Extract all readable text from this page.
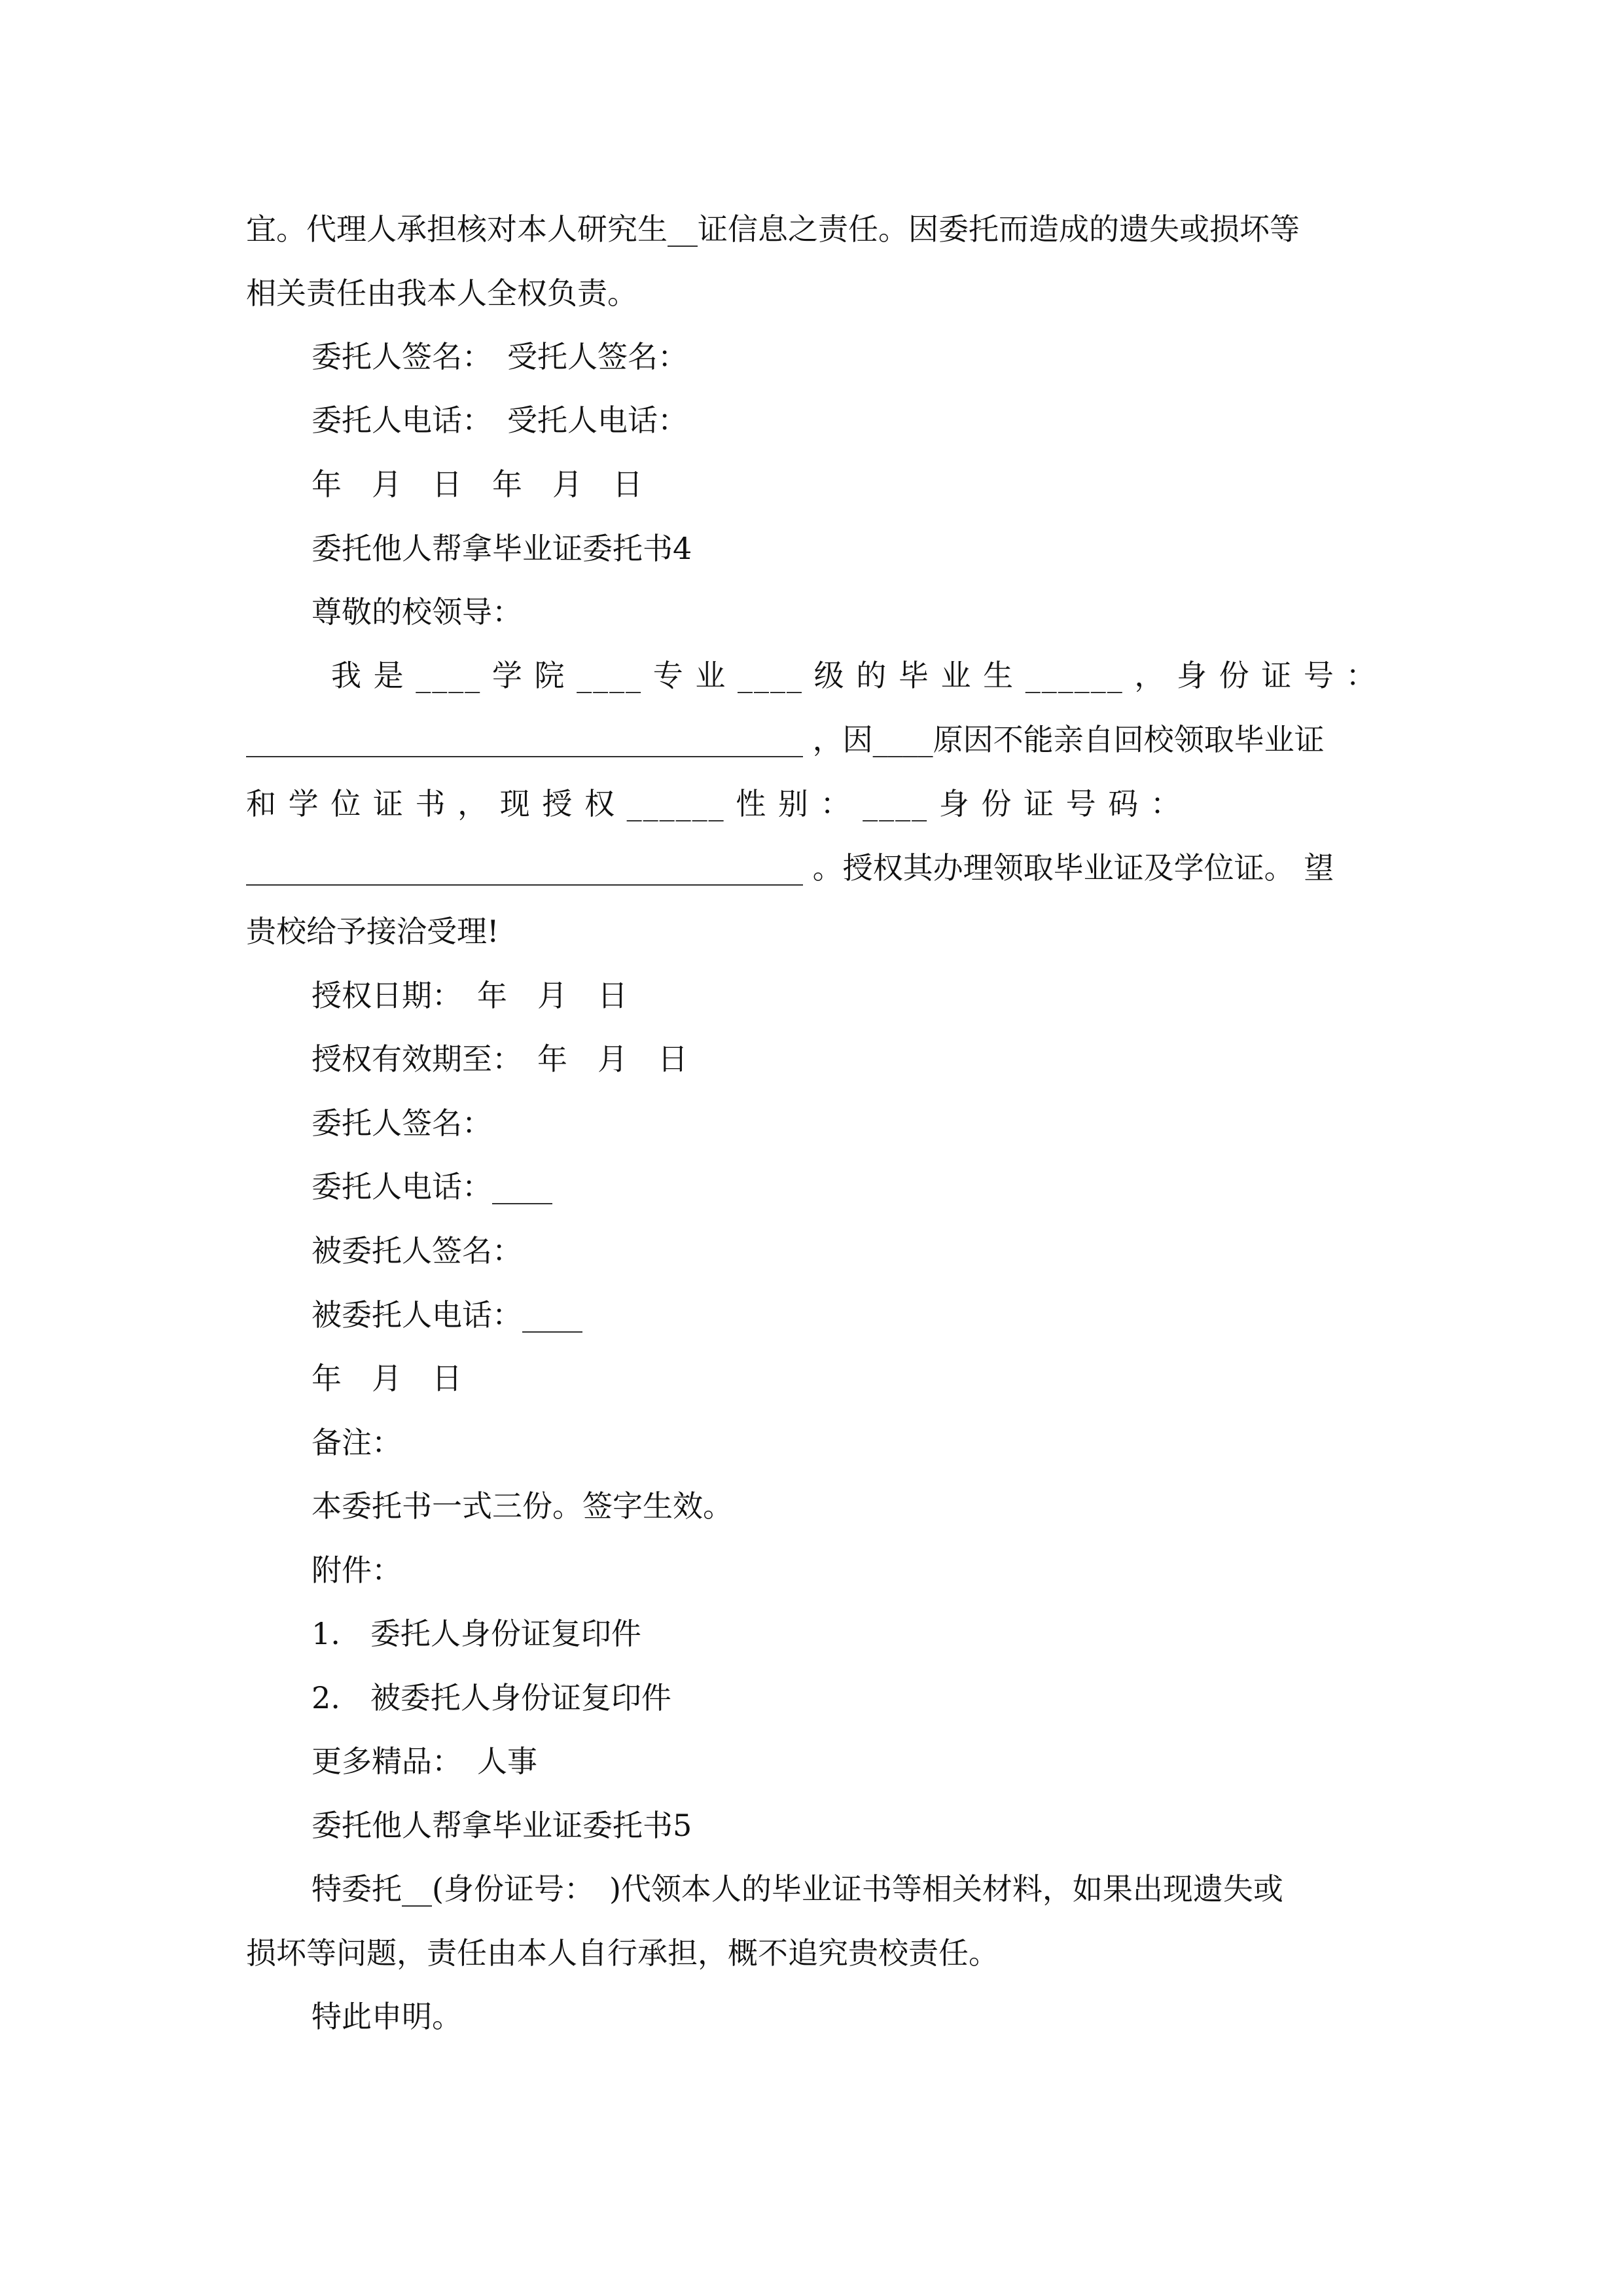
宜。代理人承担核对本人研究生__证信息之责任。因委托而造成的遗失或损坏等
相关责任由我本人全权负责。
委托人签名：　受托人签名：
委托人电话：　受托人电话：
年　月　日　年　月　日
委托他人帮拿毕业证委托书4
尊敬的校领导：
我 是 ____ 学 院 ____ 专 业 ____ 级 的 毕 业 生 ______ ， 身 份 证 号 ：
_____________________________________ ，因____原因不能亲自回校领取毕业证
和 学 位 证 书 ， 现 授 权 ______ 性 别 ： ____ 身 份 证 号 码 ：
_____________________________________ 。授权其办理领取毕业证及学位证。 望
贵校给予接洽受理!
授权日期：　年　月　日
授权有效期至：　年　月　日
委托人签名：
委托人电话：____
被委托人签名：
被委托人电话：____
年　月　日
备注：
本委托书一式三份。签字生效。
附件：
1.　委托人身份证复印件
2.　被委托人身份证复印件
更多精品：　人事
委托他人帮拿毕业证委托书5
特委托__(身份证号：　)代领本人的毕业证书等相关材料，如果出现遗失或
损坏等问题，责任由本人自行承担，概不追究贵校责任。
特此申明。
